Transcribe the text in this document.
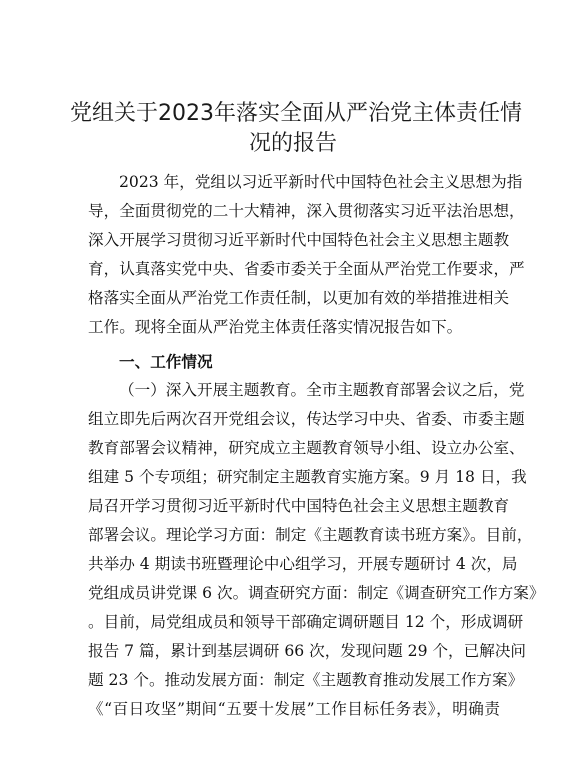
党组关于2023年落实全面从严治党主体责任情
况的报告
2023 年，党组以习近平新时代中国特色社会主义思想为指
导，全面贯彻党的二十大精神，深入贯彻落实习近平法治思想，
深入开展学习贯彻习近平新时代中国特色社会主义思想主题教
育，认真落实党中央、省委市委关于全面从严治党工作要求，严
格落实全面从严治党工作责任制，以更加有效的举措推进相关
工作。现将全面从严治党主体责任落实情况报告如下。
一、工作情况
（一）深入开展主题教育。全市主题教育部署会议之后，党
组立即先后两次召开党组会议，传达学习中央、省委、市委主题
教育部署会议精神，研究成立主题教育领导小组、设立办公室、
组建 5 个专项组；研究制定主题教育实施方案。9 月 18 日，我
局召开学习贯彻习近平新时代中国特色社会主义思想主题教育
部署会议。理论学习方面：制定《主题教育读书班方案》。目前，
共举办 4 期读书班暨理论中心组学习，开展专题研讨 4 次，局
党组成员讲党课 6 次。调查研究方面：制定《调查研究工作方案》
。目前，局党组成员和领导干部确定调研题目 12 个，形成调研
报告 7 篇，累计到基层调研 66 次，发现问题 29 个，已解决问
题 23 个。推动发展方面：制定《主题教育推动发展工作方案》
《“百日攻坚”期间“五要十发展”工作目标任务表》，明确责
